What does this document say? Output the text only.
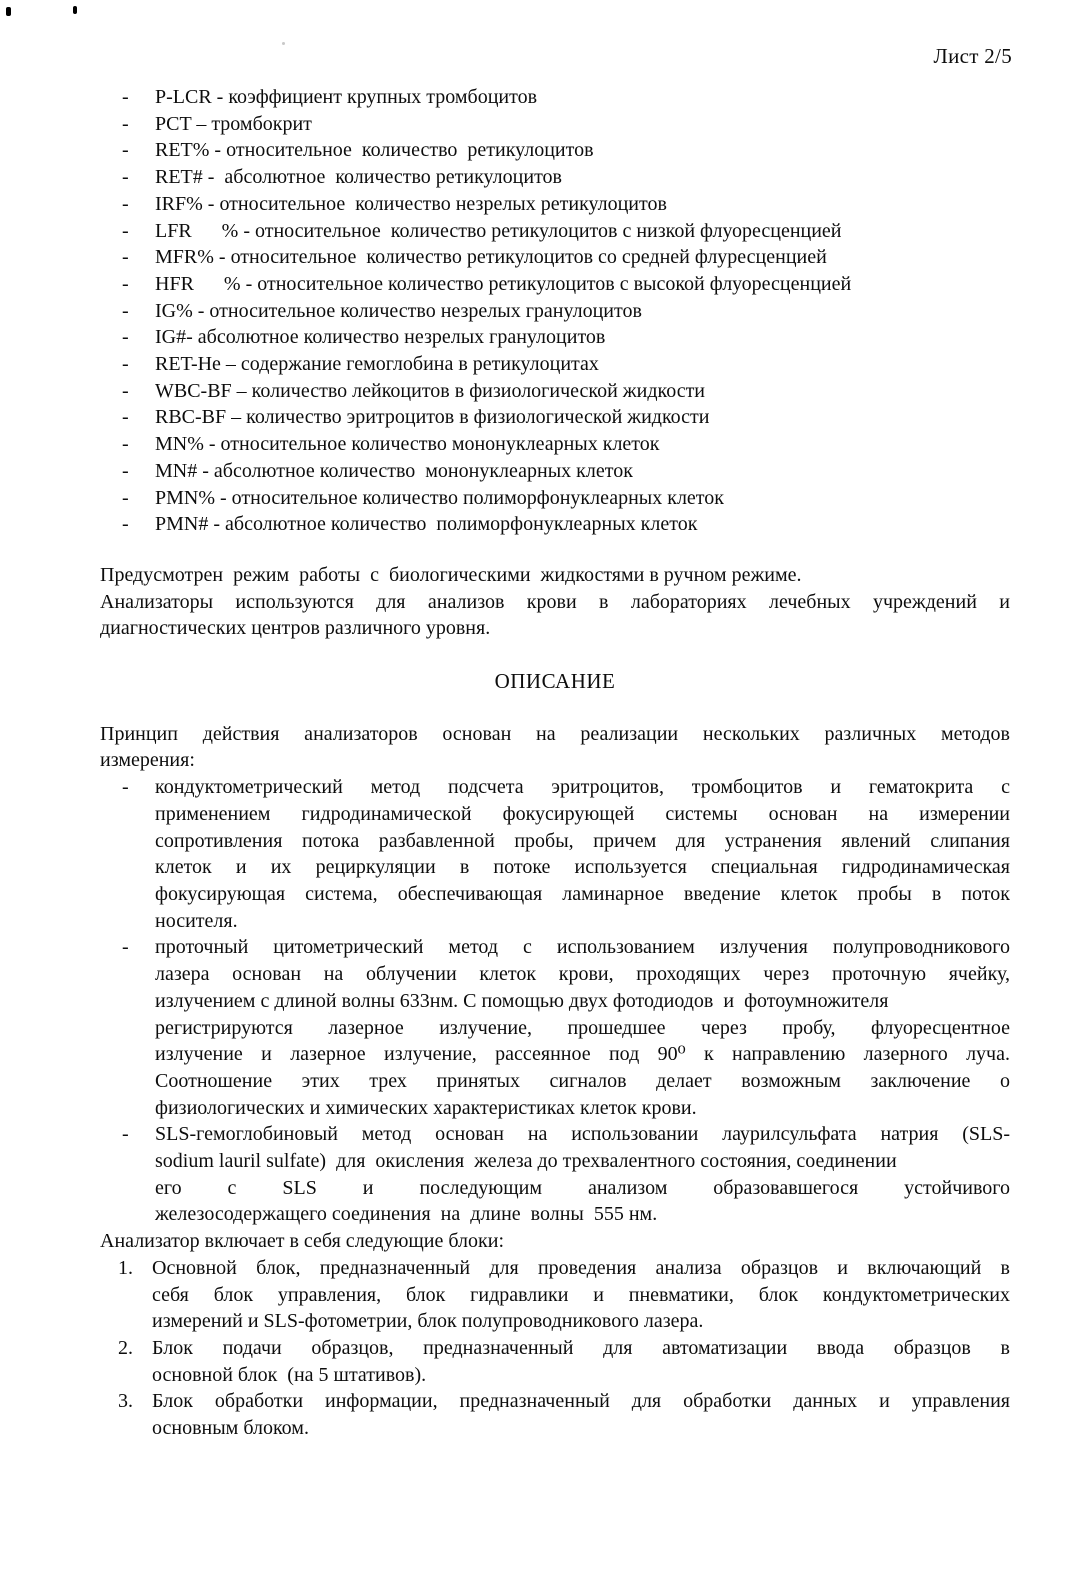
Лист 2/5
- P-LCR - коэффициент крупных тромбоцитов
- PCT – тромбокрит
- RET% - относительное  количество  ретикулоцитов
- RET# -  абсолютное  количество ретикулоцитов
- IRF% - относительное  количество незрелых ретикулоцитов
- LFR      % - относительное  количество ретикулоцитов с низкой флуоресценцией
- MFR% - относительное  количество ретикулоцитов со средней флуресценцией
- HFR      % - относительное количество ретикулоцитов с высокой флуоресценцией
- IG% - относительное количество незрелых гранулоцитов
- IG#- абсолютное количество незрелых гранулоцитов
- RET-He – содержание гемоглобина в ретикулоцитах
- WBC-BF – количество лейкоцитов в физиологической жидкости
- RBC-BF – количество эритроцитов в физиологической жидкости
- MN% - относительное количество мононуклеарных клеток
- MN# - абсолютное количество  мононуклеарных клеток
- PMN% - относительное количество полиморфонуклеарных клеток
- PMN# - абсолютное количество  полиморфонуклеарных клеток
Предусмотрен  режим  работы  с  биологическими  жидкостями в ручном режиме.
Анализаторы используются для анализов крови в лабораториях лечебных учреждений и
диагностических центров различного уровня.
ОПИСАНИЕ
Принцип действия анализаторов основан на реализации нескольких различных методов
измерения:
- кондуктометрический метод подсчета эритроцитов, тромбоцитов и гематокрита с
применением гидродинамической фокусирующей системы основан на измерении
сопротивления потока разбавленной пробы, причем для устранения явлений слипания
клеток и их рециркуляции в потоке используется специальная гидродинамическая
фокусирующая система, обеспечивающая ламинарное введение клеток пробы в поток
носителя.
- проточный цитометрический метод с использованием излучения полупроводникового
лазера основан на облучении клеток крови, проходящих через проточную ячейку,
излучением с длиной волны 633нм. С помощью двух фотодиодов  и  фотоумножителя
регистрируются лазерное излучение, прошедшее через пробу, флуоресцентное
излучение и лазерное излучение, рассеянное под 90⁰ к направлению лазерного луча.
Соотношение этих трех принятых сигналов делает возможным заключение о
физиологических и химических характеристиках клеток крови.
- SLS-гемоглобиновый метод основан на использовании лаурилсульфата натрия (SLS-
sodium lauril sulfate)  для  окисления  железа до трехвалентного состояния, соединении
его с SLS и последующим анализом образовавшегося устойчивого
железосодержащего соединения  на  длине  волны  555 нм.
Анализатор включает в себя следующие блоки:
1. Основной блок, предназначенный для проведения анализа образцов и включающий в
себя блок управления, блок гидравлики и пневматики, блок кондуктометрических
измерений и SLS-фотометрии, блок полупроводникового лазера.
2. Блок подачи образцов, предназначенный для автоматизации ввода образцов в
основной блок  (на 5 штативов).
3. Блок обработки информации, предназначенный для обработки данных и управления
основным блоком.
